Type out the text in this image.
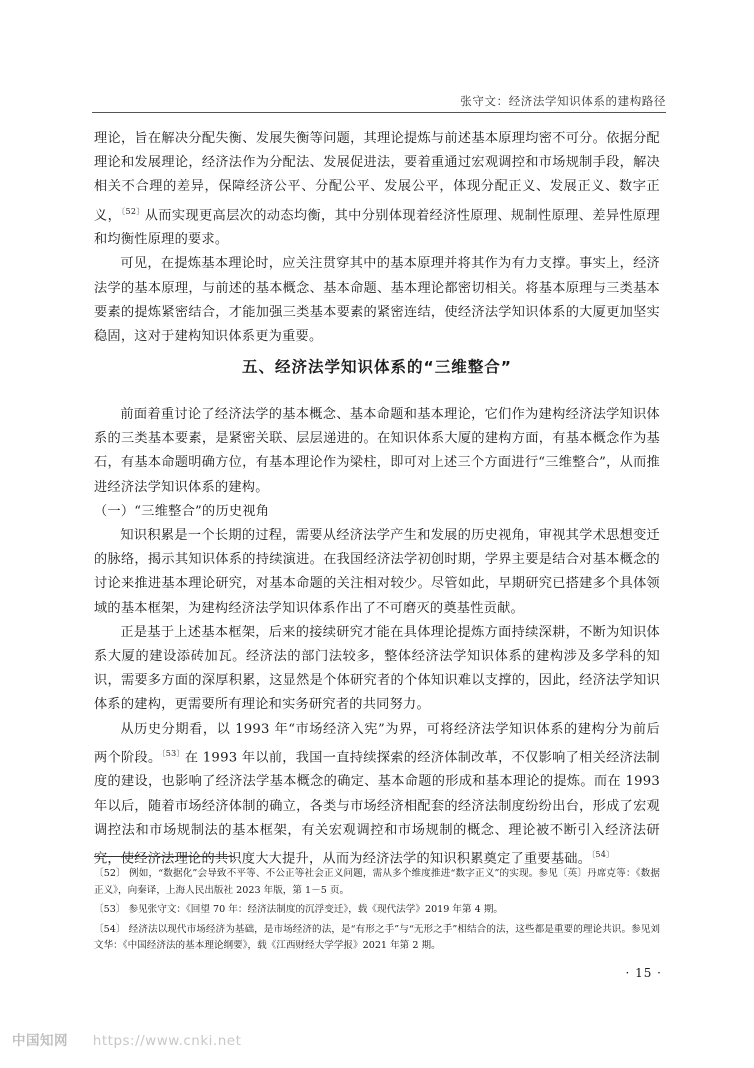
张守文：经济法学知识体系的建构路径

理论，旨在解决分配失衡、发展失衡等问题，其理论提炼与前述基本原理均密不可分。依据分配理论和发展理论，经济法作为分配法、发展促进法，要着重通过宏观调控和市场规制手段，解决相关不合理的差异，保障经济公平、分配公平、发展公平，体现分配正义、发展正义、数字正义，$^{〔52〕}$从而实现更高层次的动态均衡，其中分别体现着经济性原理、规制性原理、差异性原理和均衡性原理的要求。

可见，在提炼基本理论时，应关注贯穿其中的基本原理并将其作为有力支撑。事实上，经济法学的基本原理，与前述的基本概念、基本命题、基本理论都密切相关。将基本原理与三类基本要素的提炼紧密结合，才能加强三类基本要素的紧密连结，使经济法学知识体系的大厦更加坚实稳固，这对于建构知识体系更为重要。

五、经济法学知识体系的“三维整合”

前面着重讨论了经济法学的基本概念、基本命题和基本理论，它们作为建构经济法学知识体系的三类基本要素，是紧密关联、层层递进的。在知识体系大厦的建构方面，有基本概念作为基石，有基本命题明确方位，有基本理论作为梁柱，即可对上述三个方面进行“三维整合”，从而推进经济法学知识体系的建构。

（一）“三维整合”的历史视角

知识积累是一个长期的过程，需要从经济法学产生和发展的历史视角，审视其学术思想变迁的脉络，揭示其知识体系的持续演进。在我国经济法学初创时期，学界主要是结合对基本概念的讨论来推进基本理论研究，对基本命题的关注相对较少。尽管如此，早期研究已搭建多个具体领域的基本框架，为建构经济法学知识体系作出了不可磨灭的奠基性贡献。

正是基于上述基本框架，后来的接续研究才能在具体理论提炼方面持续深耕，不断为知识体系大厦的建设添砖加瓦。经济法的部门法较多，整体经济法学知识体系的建构涉及多学科的知识，需要多方面的深厚积累，这显然是个体研究者的个体知识难以支撑的，因此，经济法学知识体系的建构，更需要所有理论和实务研究者的共同努力。

从历史分期看，以 1993 年“市场经济入宪”为界，可将经济法学知识体系的建构分为前后两个阶段。$^{〔53〕}$在 1993 年以前，我国一直持续探索的经济体制改革，不仅影响了相关经济法制度的建设，也影响了经济法学基本概念的确定、基本命题的形成和基本理论的提炼。而在 1993 年以后，随着市场经济体制的确立，各类与市场经济相配套的经济法制度纷纷出台，形成了宏观调控法和市场规制法的基本框架，有关宏观调控和市场规制的概念、理论被不断引入经济法研究，使经济法理论的共识度大大提升，从而为经济法学的知识积累奠定了重要基础。$^{〔54〕}$

〔52〕 例如，“数据化”会导致不平等、不公正等社会正义问题，需从多个维度推进“数字正义”的实现。参见〔英〕丹席克等：《数据正义》，向秦译，上海人民出版社 2023 年版，第 1－5 页。

〔53〕 参见张守文：《回望 70 年：经济法制度的沉浮变迁》，载《现代法学》2019 年第 4 期。

〔54〕 经济法以现代市场经济为基础，是市场经济的法，是“有形之手”与“无形之手”相结合的法，这些都是重要的理论共识。参见刘文华：《中国经济法的基本理论纲要》，载《江西财经大学学报》2021 年第 2 期。

· 15 ·
中国知网 https://www.cnki.net
